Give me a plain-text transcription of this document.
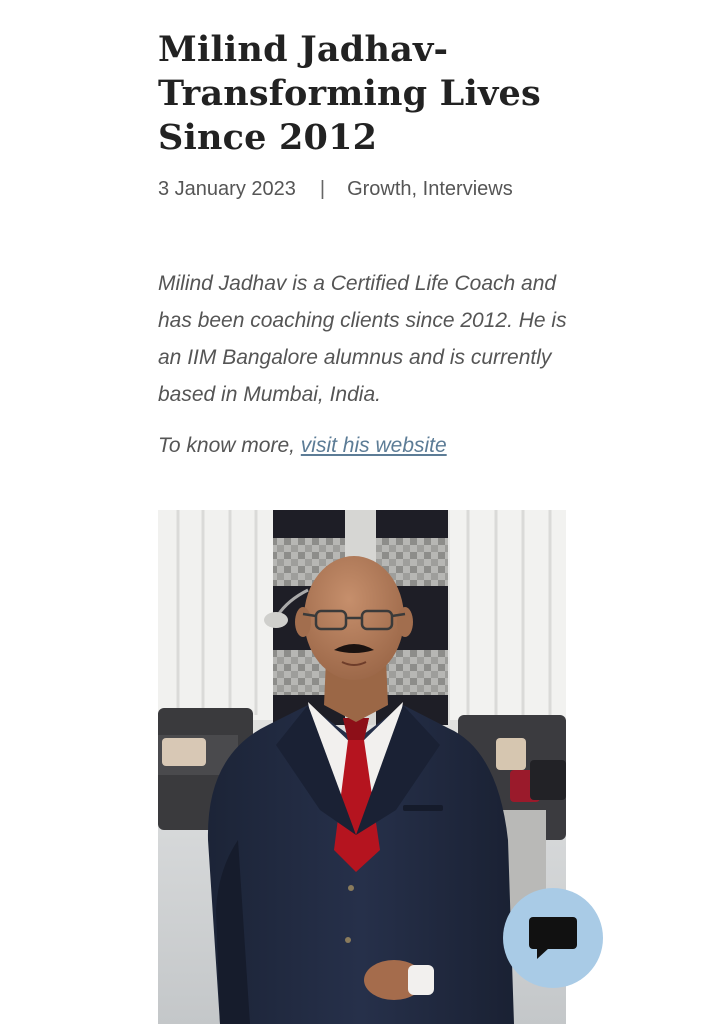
Milind Jadhav- Transforming Lives Since 2012
3 January 2023 | Growth, Interviews

Milind Jadhav is a Certified Life Coach and has been coaching clients since 2012. He is an IIM Bangalore alumnus and is currently based in Mumbai, India.

To know more, visit his website
